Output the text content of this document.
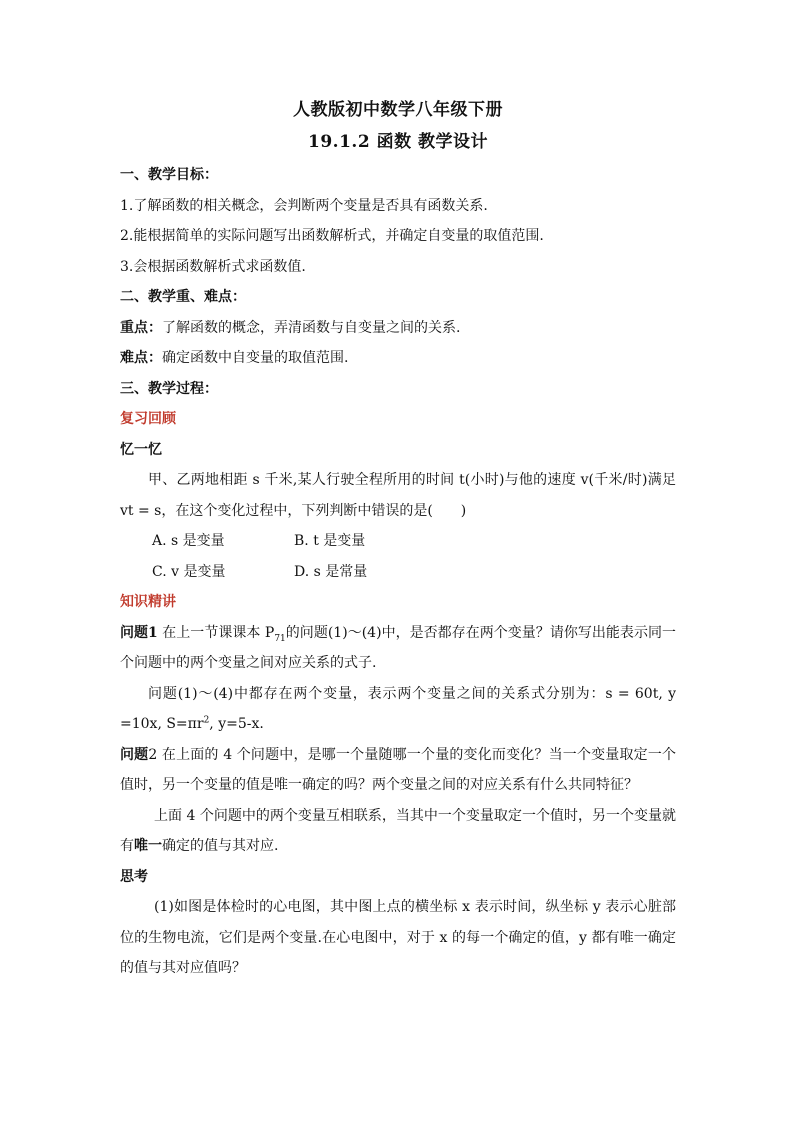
人教版初中数学八年级下册

19.1.2 函数 教学设计

一、教学目标：

1.了解函数的相关概念，会判断两个变量是否具有函数关系.

2.能根据简单的实际问题写出函数解析式，并确定自变量的取值范围.

3.会根据函数解析式求函数值.

二、教学重、难点：

重点：了解函数的概念，弄清函数与自变量之间的关系.

难点：确定函数中自变量的取值范围.

三、教学过程：

复习回顾

忆一忆

甲、乙两地相距 s 千米,某人行驶全程所用的时间 t(小时)与他的速度 v(千米/时)满足 vt = s，在这个变化过程中，下列判断中错误的是(　　)

A. s 是变量	B. t 是变量
C. v 是变量	D. s 是常量

知识精讲

问题1 在上一节课课本 $P_{71}$的问题(1)～(4)中，是否都存在两个变量？请你写出能表示同一个问题中的两个变量之间对应关系的式子.

问题(1)～(4)中都存在两个变量，表示两个变量之间的关系式分别为：s = 60t, y =10x, $S=\pi r^2$, y=5-x.

问题2 在上面的 4 个问题中，是哪一个量随哪一个量的变化而变化？当一个变量取定一个值时，另一个变量的值是唯一确定的吗？两个变量之间的对应关系有什么共同特征？

上面 4 个问题中的两个变量互相联系，当其中一个变量取定一个值时，另一个变量就有唯一确定的值与其对应.

思考

(1)如图是体检时的心电图，其中图上点的横坐标 x 表示时间，纵坐标 y 表示心脏部位的生物电流，它们是两个变量.在心电图中，对于 x 的每一个确定的值，y 都有唯一确定的值与其对应值吗？
